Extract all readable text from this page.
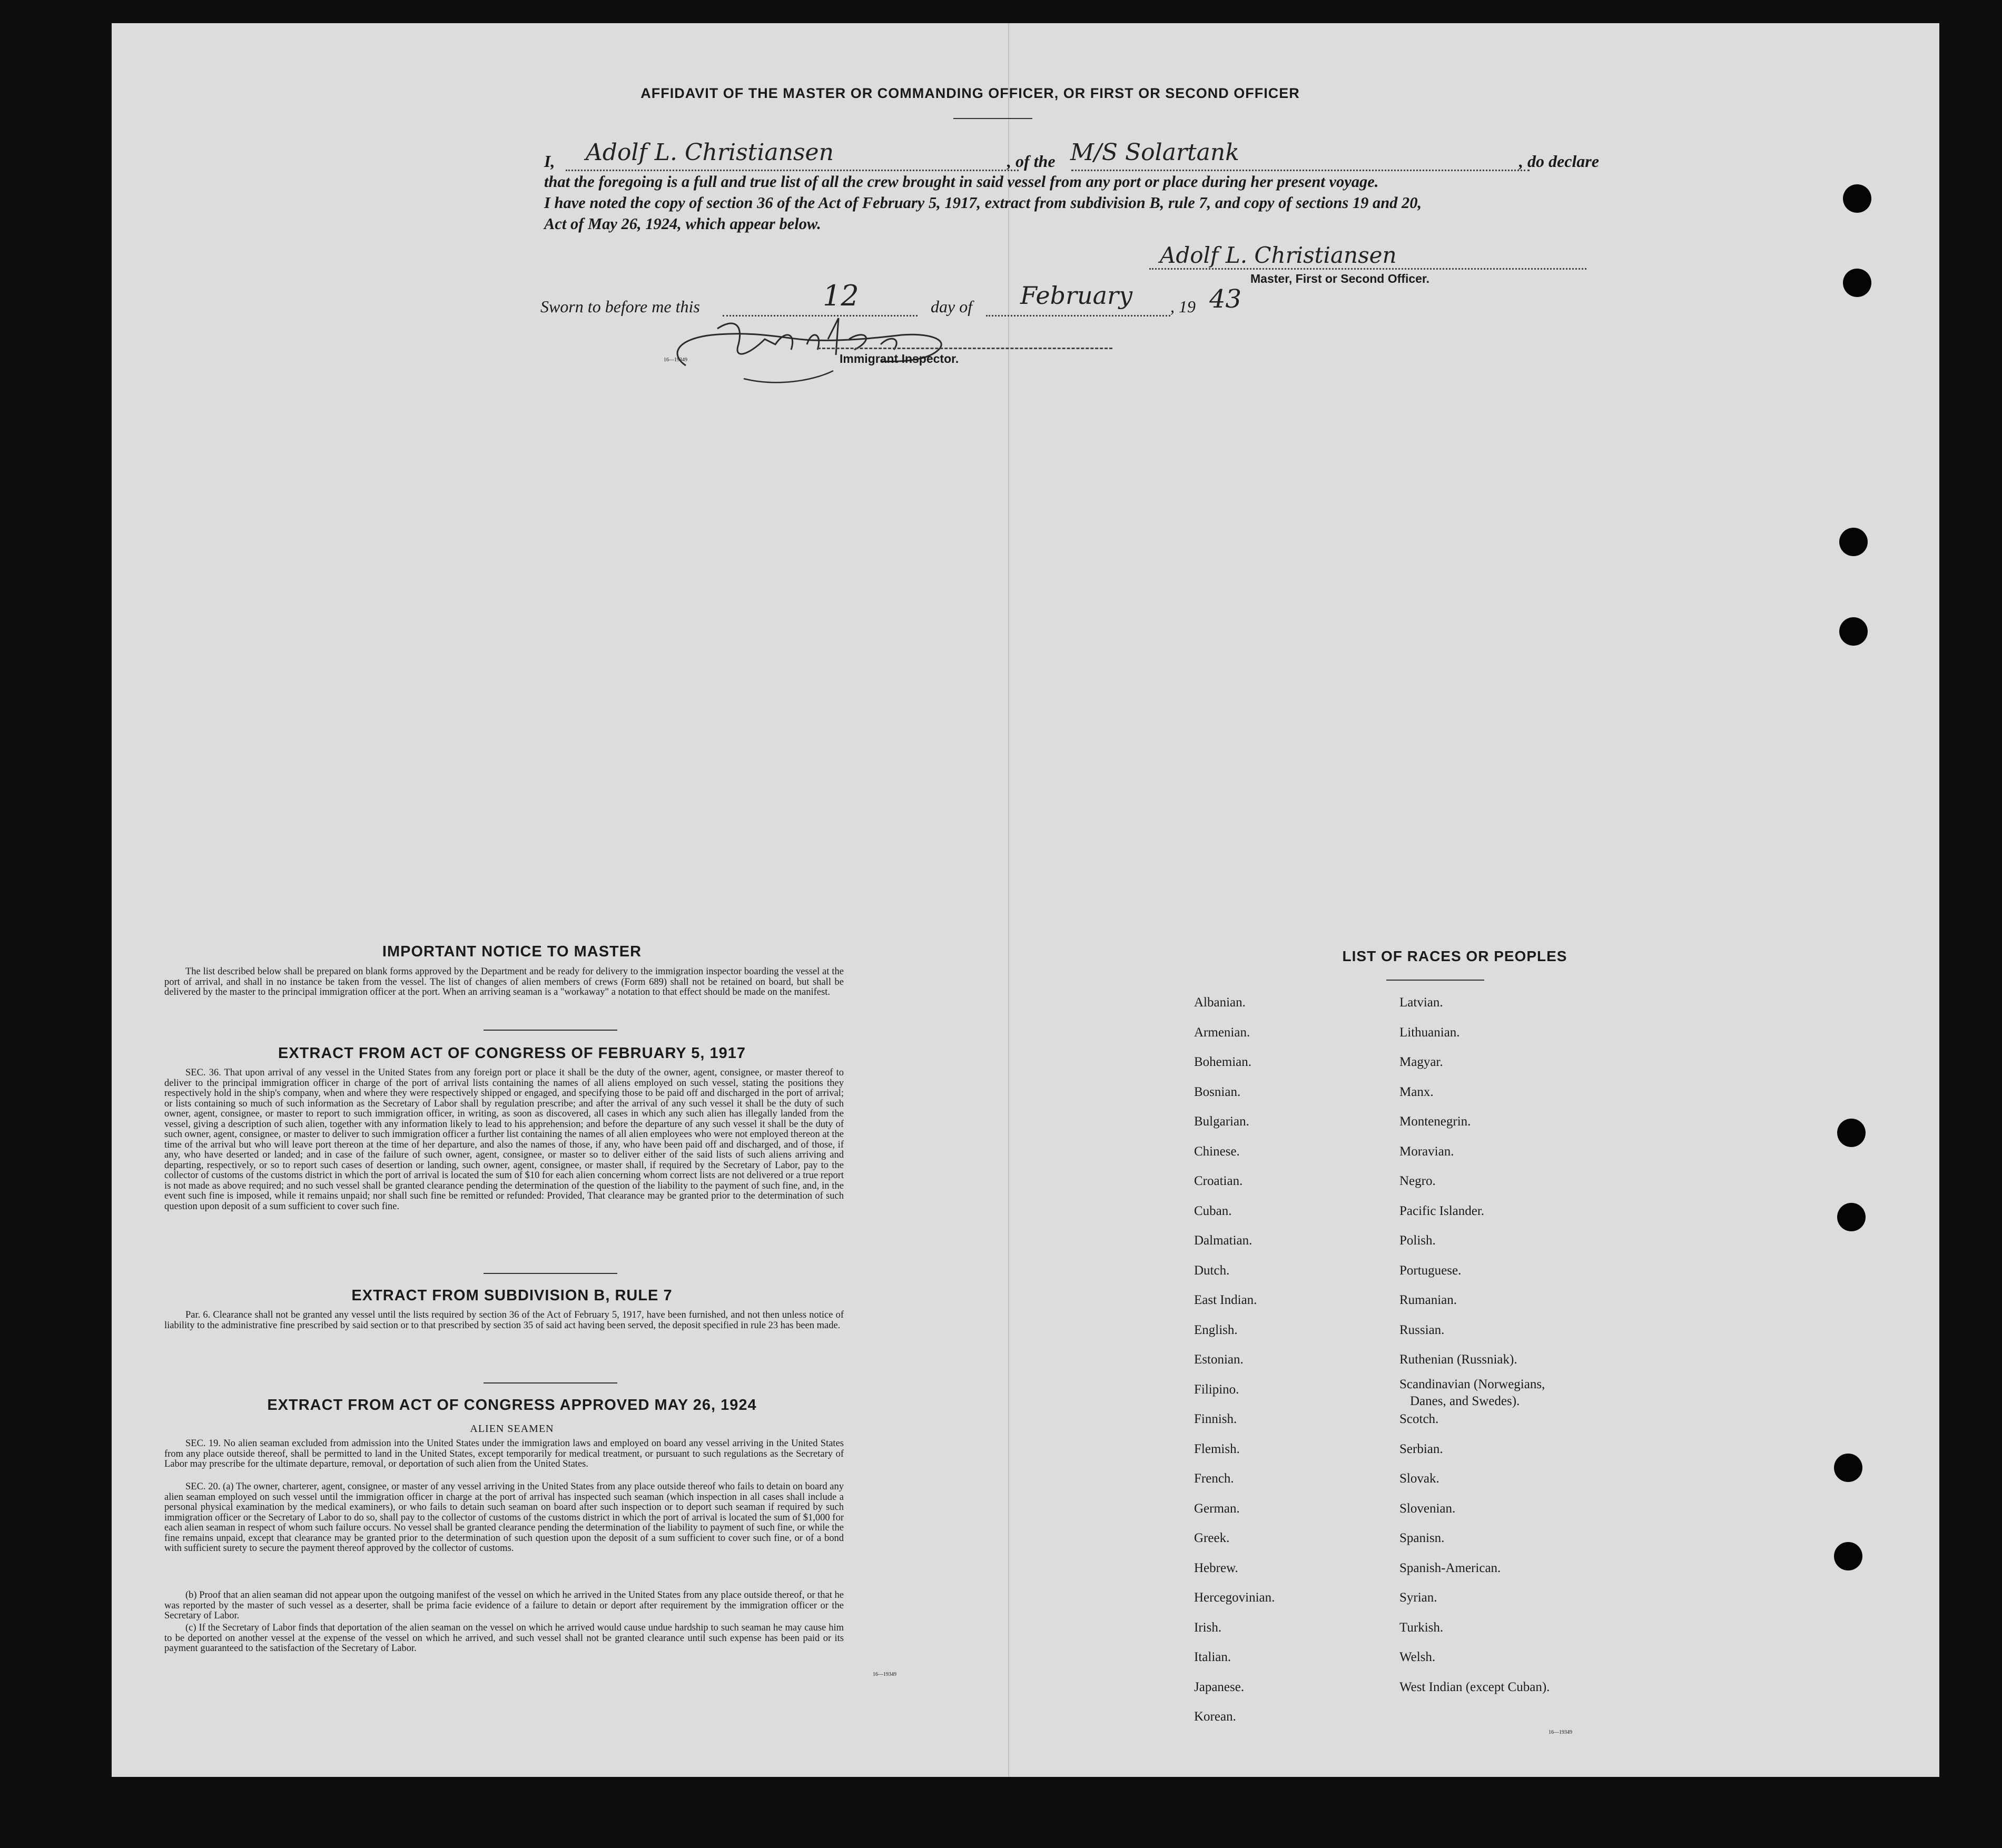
AFFIDAVIT OF THE MASTER OR COMMANDING OFFICER, OR FIRST OR SECOND OFFICER
I,	Adolf L. Christiansen	, of the M/S Solartank	, do declare
that the foregoing is a full and true list of all the crew brought in said vessel from any port or place during her present voyage.
I have noted the copy of section 36 of the Act of February 5, 1917, extract from subdivision B, rule 7, and copy of sections 19 and 20,
Act of May 26, 1924, which appear below.
Adolf L. Christiansen
Master, First or Second Officer.
Sworn to before me this	12	day of	February , 19 43
16—19349	Immigrant Inspector.
IMPORTANT NOTICE TO MASTER
The list described below shall be prepared on blank forms approved by the Department and be ready for delivery to the immigration inspector boarding the vessel at the port of arrival, and shall in no instance be taken from the vessel. The list of changes of alien members of crews (Form 689) shall not be retained on board, but shall be delivered by the master to the principal immigration officer at the port. When an arriving seaman is a "workaway" a notation to that effect should be made on the manifest.
EXTRACT FROM ACT OF CONGRESS OF FEBRUARY 5, 1917
SEC. 36. That upon arrival of any vessel in the United States from any foreign port or place it shall be the duty of the owner, agent, consignee, or master thereof to deliver to the principal immigration officer in charge of the port of arrival lists containing the names of all aliens employed on such vessel, stating the positions they respectively hold in the ship's company, when and where they were respectively shipped or engaged, and specifying those to be paid off and discharged in the port of arrival; or lists containing so much of such information as the Secretary of Labor shall by regulation prescribe; and after the arrival of any such vessel it shall be the duty of such owner, agent, consignee, or master to report to such immigration officer, in writing, as soon as discovered, all cases in which any such alien has illegally landed from the vessel, giving a description of such alien, together with any information likely to lead to his apprehension; and before the departure of any such vessel it shall be the duty of such owner, agent, consignee, or master to deliver to such immigration officer a further list containing the names of all alien employees who were not employed thereon at the time of the arrival but who will leave port thereon at the time of her departure, and also the names of those, if any, who have been paid off and discharged, and of those, if any, who have deserted or landed; and in case of the failure of such owner, agent, consignee, or master so to deliver either of the said lists of such aliens arriving and departing, respectively, or so to report such cases of desertion or landing, such owner, agent, consignee, or master shall, if required by the Secretary of Labor, pay to the collector of customs of the customs district in which the port of arrival is located the sum of $10 for each alien concerning whom correct lists are not delivered or a true report is not made as above required; and no such vessel shall be granted clearance pending the determination of the question of the liability to the payment of such fine, and, in the event such fine is imposed, while it remains unpaid; nor shall such fine be remitted or refunded: Provided, That clearance may be granted prior to the determination of such question upon deposit of a sum sufficient to cover such fine.
EXTRACT FROM SUBDIVISION B, RULE 7
Par. 6. Clearance shall not be granted any vessel until the lists required by section 36 of the Act of February 5, 1917, have been furnished, and not then unless notice of liability to the administrative fine prescribed by said section or to that prescribed by section 35 of said act having been served, the deposit specified in rule 23 has been made.
EXTRACT FROM ACT OF CONGRESS APPROVED MAY 26, 1924
ALIEN SEAMEN
SEC. 19. No alien seaman excluded from admission into the United States under the immigration laws and employed on board any vessel arriving in the United States from any place outside thereof, shall be permitted to land in the United States, except temporarily for medical treatment, or pursuant to such regulations as the Secretary of Labor may prescribe for the ultimate departure, removal, or deportation of such alien from the United States.
SEC. 20. (a) The owner, charterer, agent, consignee, or master of any vessel arriving in the United States from any place outside thereof who fails to detain on board any alien seaman employed on such vessel until the immigration officer in charge at the port of arrival has inspected such seaman (which inspection in all cases shall include a personal physical examination by the medical examiners), or who fails to detain such seaman on board after such inspection or to deport such seaman if required by such immigration officer or the Secretary of Labor to do so, shall pay to the collector of customs of the customs district in which the port of arrival is located the sum of $1,000 for each alien seaman in respect of whom such failure occurs. No vessel shall be granted clearance pending the determination of the liability to payment of such fine, or while the fine remains unpaid, except that clearance may be granted prior to the determination of such question upon the deposit of a sum sufficient to cover such fine, or of a bond with sufficient surety to secure the payment thereof approved by the collector of customs.
(b) Proof that an alien seaman did not appear upon the outgoing manifest of the vessel on which he arrived in the United States from any place outside thereof, or that he was reported by the master of such vessel as a deserter, shall be prima facie evidence of a failure to detain or deport after requirement by the immigration officer or the Secretary of Labor.
(c) If the Secretary of Labor finds that deportation of the alien seaman on the vessel on which he arrived would cause undue hardship to such seaman he may cause him to be deported on another vessel at the expense of the vessel on which he arrived, and such vessel shall not be granted clearance until such expense has been paid or its payment guaranteed to the satisfaction of the Secretary of Labor.
16—19349
LIST OF RACES OR PEOPLES
16—19349
Albanian.
Armenian.
Bohemian.
Bosnian.
Bulgarian.
Chinese.
Croatian.
Cuban.
Dalmatian.
Dutch.
East Indian.
English.
Estonian.
Filipino.
Finnish.
Flemish.
French.
German.
Greek.
Hebrew.
Hercegovinian.
Irish.
Italian.
Japanese.
Korean.
Latvian.
Lithuanian.
Magyar.
Manx.
Montenegrin.
Moravian.
Negro.
Pacific Islander.
Polish.
Portuguese.
Rumanian.
Russian.
Ruthenian (Russniak).
Scandinavian (Norwegians,
Danes, and Swedes).
Scotch.
Serbian.
Slovak.
Slovenian.
Spanisn.
Spanish-American.
Syrian.
Turkish.
Welsh.
West Indian (except Cuban).
